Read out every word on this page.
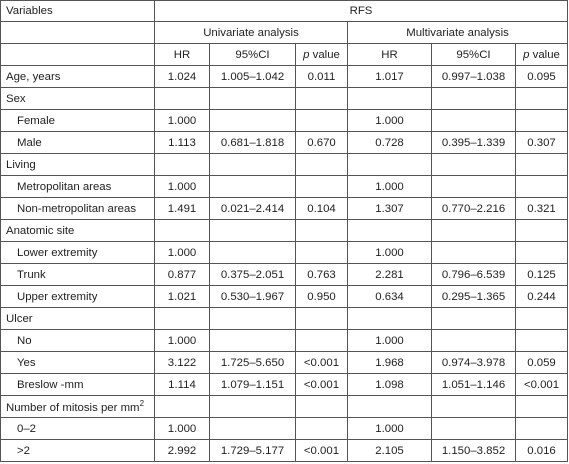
Variables	RFS					
	Univariate analysis			Multivariate analysis		
	HR	95%CI	p value	HR	95%CI	p value
Age, years	1.024	1.005–1.042	0.011	1.017	0.997–1.038	0.095
Sex						
Female	1.000			1.000		
Male	1.113	0.681–1.818	0.670	0.728	0.395–1.339	0.307
Living						
Metropolitan areas	1.000			1.000		
Non-metropolitan areas	1.491	0.021–2.414	0.104	1.307	0.770–2.216	0.321
Anatomic site						
Lower extremity	1.000			1.000		
Trunk	0.877	0.375–2.051	0.763	2.281	0.796–6.539	0.125
Upper extremity	1.021	0.530–1.967	0.950	0.634	0.295–1.365	0.244
Ulcer						
No	1.000			1.000		
Yes	3.122	1.725–5.650	<0.001	1.968	0.974–3.978	0.059
Breslow -mm	1.114	1.079–1.151	<0.001	1.098	1.051–1.146	<0.001
Number of mitosis per $mm^2$						
0–2	1.000			1.000		
>2	2.992	1.729–5.177	<0.001	2.105	1.150–3.852	0.016
